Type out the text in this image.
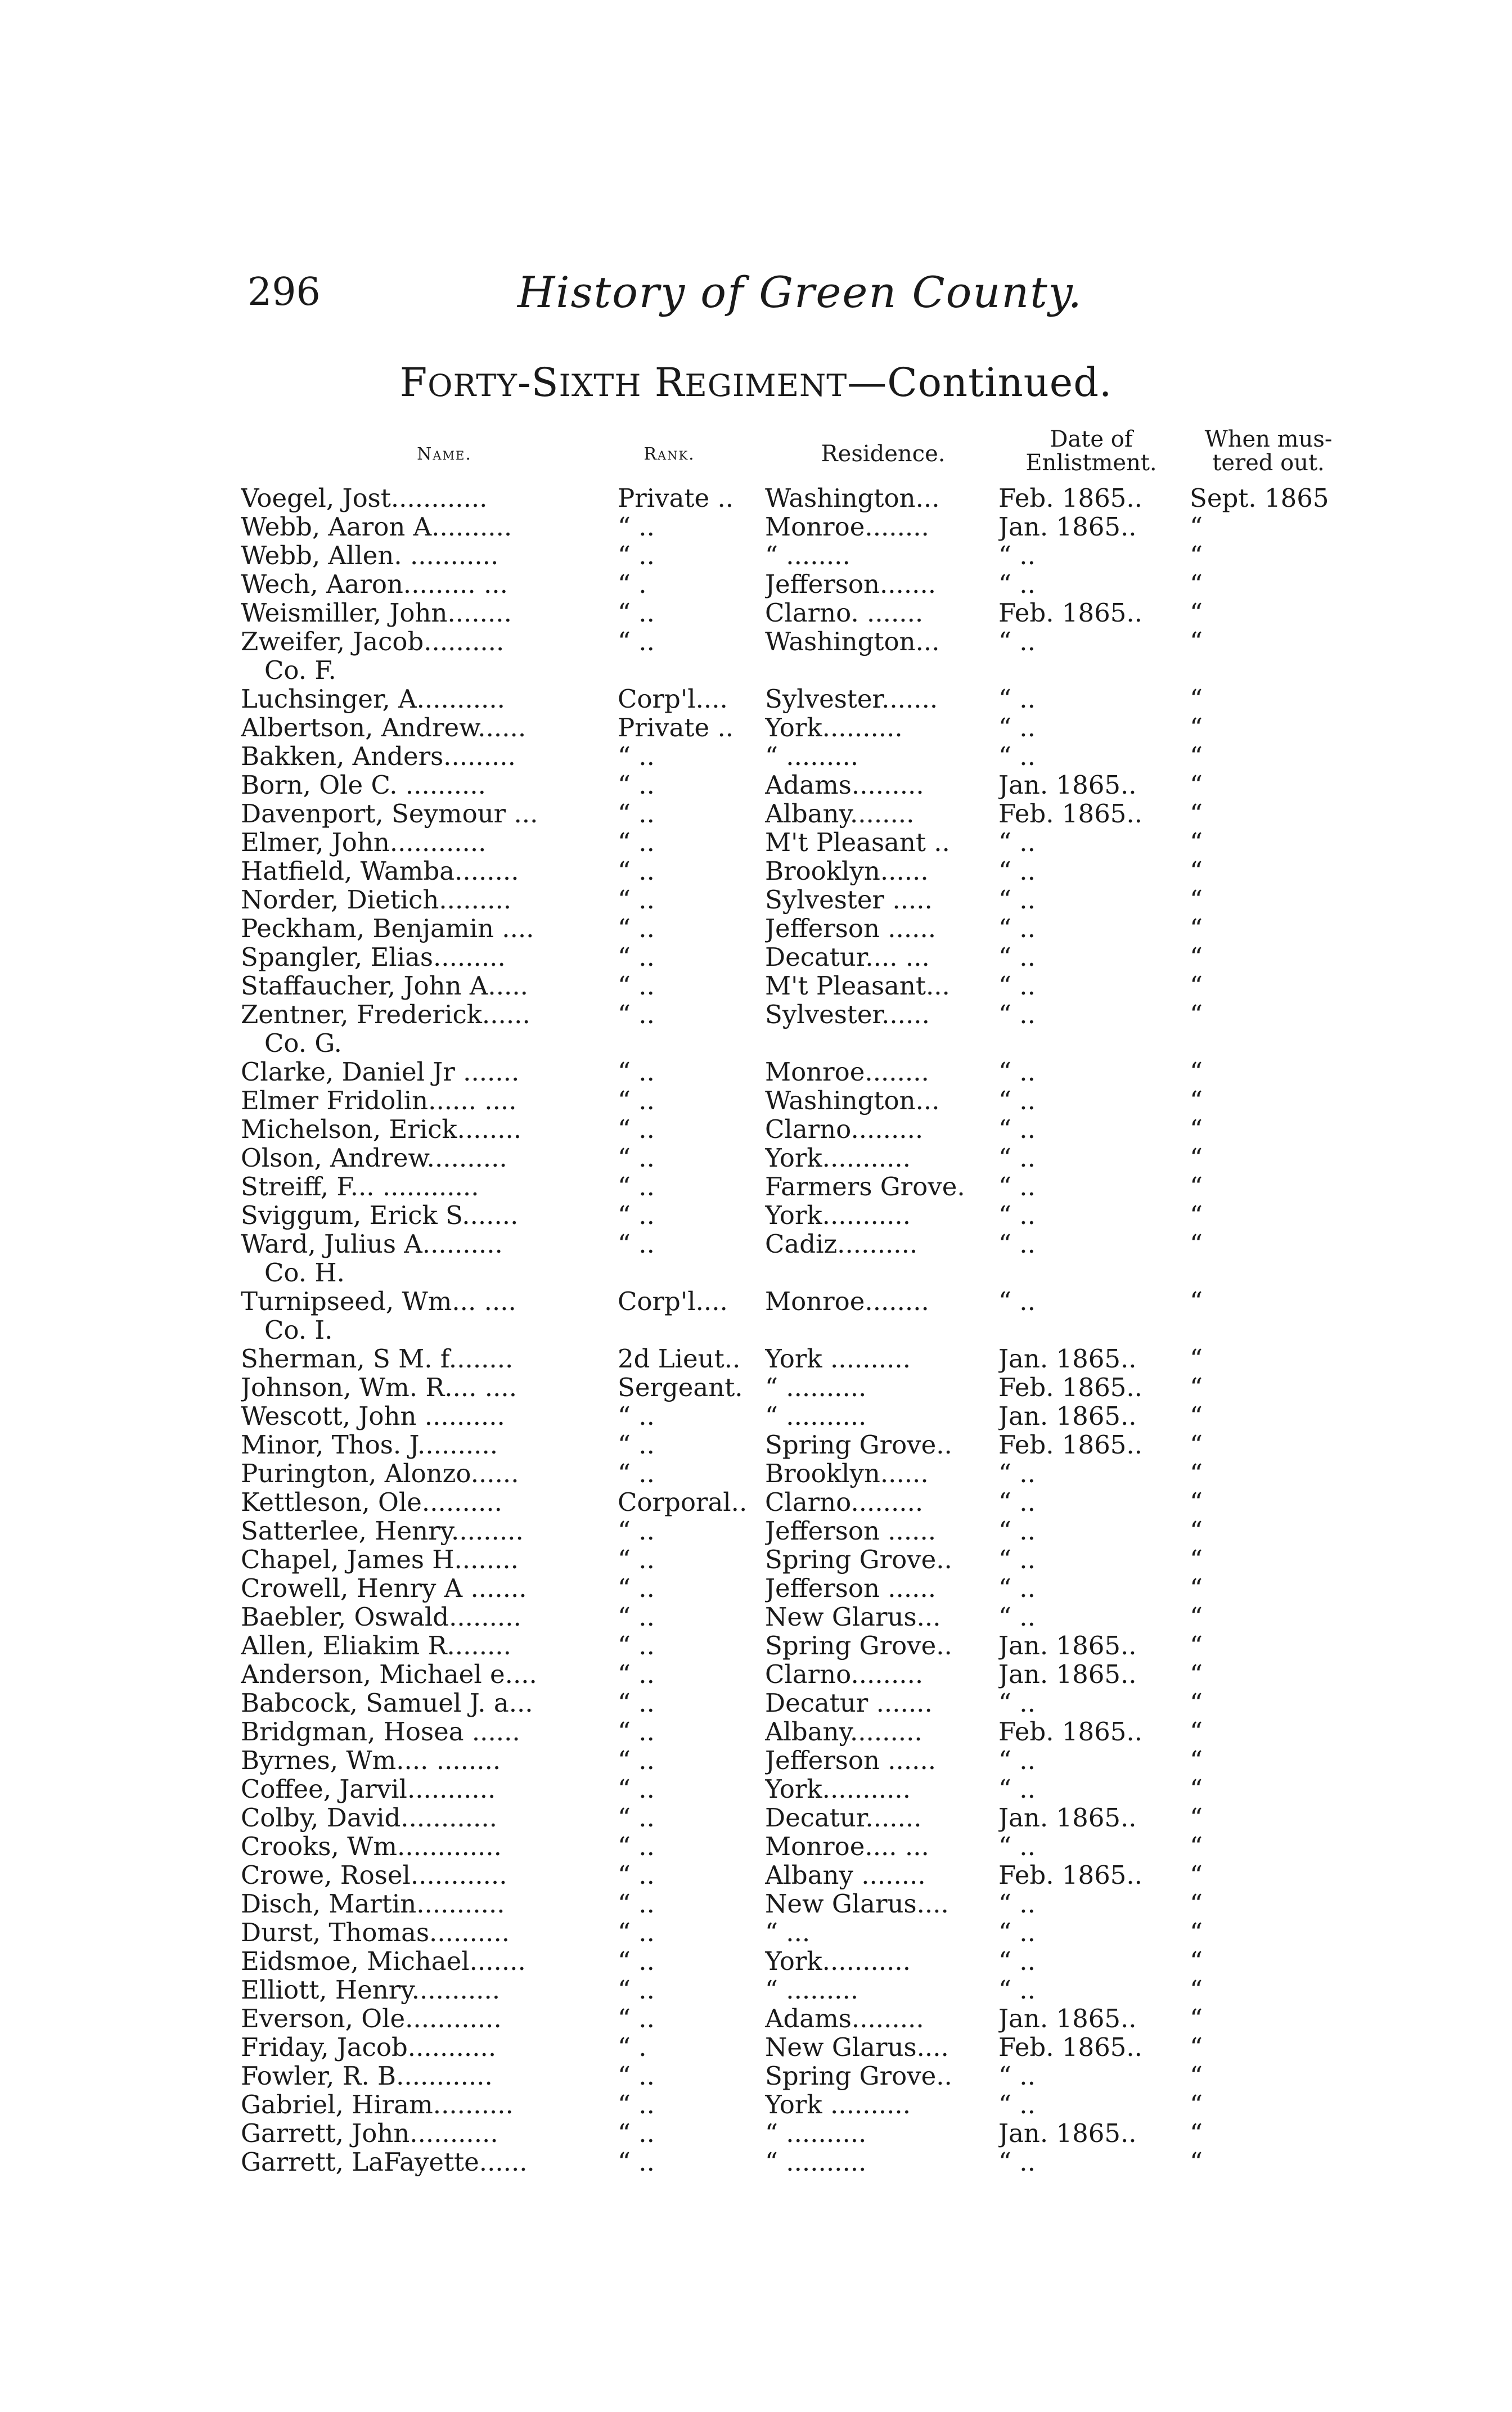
296	History of Green County.
FORTY-SIXTH REGIMENT—Continued.
Name.	Rank.	Residence.
Date of
Enlistment.
When mus-
tered out.
Voegel, Jost............	Private ..	Washington...	Feb. 1865..	Sept. 1865
Webb, Aaron A..........	“ ..	Monroe........	Jan. 1865..	“
Webb, Allen. ...........	“ ..	“ ........	“ ..	“
Wech, Aaron......... ...	“ .	Jefferson.......	“ ..	“
Weismiller, John........	“ ..	Clarno. .......	Feb. 1865..	“
Zweifer, Jacob..........	“ ..	Washington...	“ ..	“
Co. F.
Luchsinger, A...........	Corp'l....	Sylvester.......	“ ..	“
Albertson, Andrew......	Private ..	York..........	“ ..	“
Bakken, Anders.........	“ ..	“ .........	“ ..	“
Born, Ole C. ..........	“ ..	Adams.........	Jan. 1865..	“
Davenport, Seymour ...	“ ..	Albany........	Feb. 1865..	“
Elmer, John............	“ ..	M't Pleasant ..	“ ..	“
Hatfield, Wamba........	“ ..	Brooklyn......	“ ..	“
Norder, Dietich.........	“ ..	Sylvester .....	“ ..	“
Peckham, Benjamin ....	“ ..	Jefferson ......	“ ..	“
Spangler, Elias.........	“ ..	Decatur.... ...	“ ..	“
Staffaucher, John A.....	“ ..	M't Pleasant...	“ ..	“
Zentner, Frederick......	“ ..	Sylvester......	“ ..	“
Co. G.
Clarke, Daniel Jr .......	“ ..	Monroe........	“ ..	“
Elmer Fridolin...... ....	“ ..	Washington...	“ ..	“
Michelson, Erick........	“ ..	Clarno.........	“ ..	“
Olson, Andrew..........	“ ..	York...........	“ ..	“
Streiff, F... ............	“ ..	Farmers Grove.	“ ..	“
Sviggum, Erick S.......	“ ..	York...........	“ ..	“
Ward, Julius A..........	“ ..	Cadiz..........	“ ..	“
Co. H.
Turnipseed, Wm... ....	Corp'l....	Monroe........	“ ..	“
Co. I.
Sherman, S M. f........	2d Lieut.. York ..........	Jan. 1865..	“
Johnson, Wm. R.... ....	Sergeant. “ ..........	Feb. 1865..	“
Wescott, John ..........	“ ..	“ ..........	Jan. 1865..	“
Minor, Thos. J..........	“ ..	Spring Grove..	Feb. 1865..	“
Purington, Alonzo......	“ ..	Brooklyn......	“ ..	“
Kettleson, Ole..........	Corporal.. Clarno.........	“ ..	“
Satterlee, Henry.........	“ ..	Jefferson ......	“ ..	“
Chapel, James H........	“ ..	Spring Grove..	“ ..	“
Crowell, Henry A .......	“ ..	Jefferson ......	“ ..	“
Baebler, Oswald.........	“ ..	New Glarus...	“ ..	“
Allen, Eliakim R........	“ ..	Spring Grove..	Jan. 1865..	“
Anderson, Michael e....	“ ..	Clarno.........	Jan. 1865..	“
Babcock, Samuel J. a...	“ ..	Decatur .......	“ ..	“
Bridgman, Hosea ......	“ ..	Albany.........	Feb. 1865..	“
Byrnes, Wm.... ........	“ ..	Jefferson ......	“ ..	“
Coffee, Jarvil...........	“ ..	York...........	“ ..	“
Colby, David............	“ ..	Decatur.......	Jan. 1865..	“
Crooks, Wm.............	“ ..	Monroe.... ...	“ ..	“
Crowe, Rosel............	“ ..	Albany ........	Feb. 1865..	“
Disch, Martin...........	“ ..	New Glarus....	“ ..	“
Durst, Thomas..........	“ ..	“ ...	“ ..	“
Eidsmoe, Michael.......	“ ..	York...........	“ ..	“
Elliott, Henry...........	“ ..	“ .........	“ ..	“
Everson, Ole............	“ ..	Adams.........	Jan. 1865..	“
Friday, Jacob...........	“ .	New Glarus....	Feb. 1865..	“
Fowler, R. B............	“ ..	Spring Grove..	“ ..	“
Gabriel, Hiram..........	“ ..	York ..........	“ ..	“
Garrett, John...........	“ ..	“ ..........	Jan. 1865..	“
Garrett, LaFayette......	“ ..	“ ..........	“ ..	“
